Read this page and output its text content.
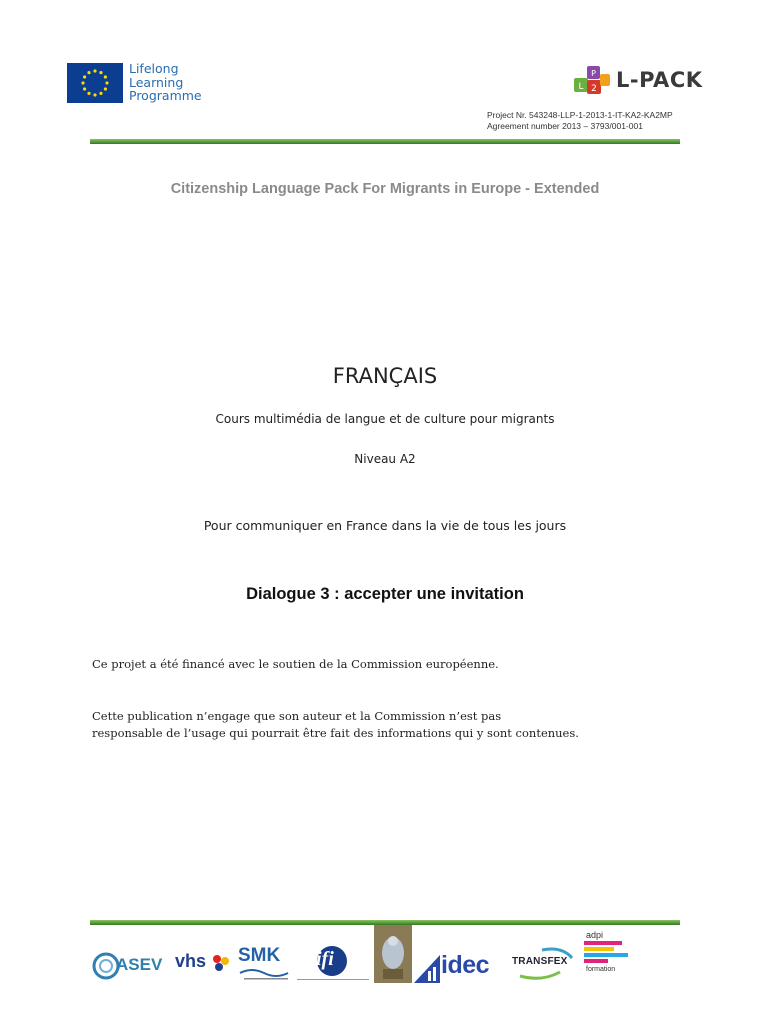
Lifelong
Learning
Programme
P
L 2 L-PACK
Project Nr. 543248-LLP-1-2013-1-IT-KA2-KA2MP
Agreement number 2013 – 3793/001-001
Citizenship Language Pack For Migrants in Europe - Extended
FRANÇAIS
Cours multimédia de langue et de culture pour migrants
Niveau A2
Pour communiquer en France dans la vie de tous les jours
Dialogue 3 : accepter une invitation
Ce projet a été financé avec le soutien de la Commission européenne.
Cette publication n’engage que son auteur et la Commission n’est pas
responsable de l’usage qui pourrait être fait des informations qui y sont contenues.
ASEV vhs SMK ifi	idec TRANSFEX
adpi
formation
